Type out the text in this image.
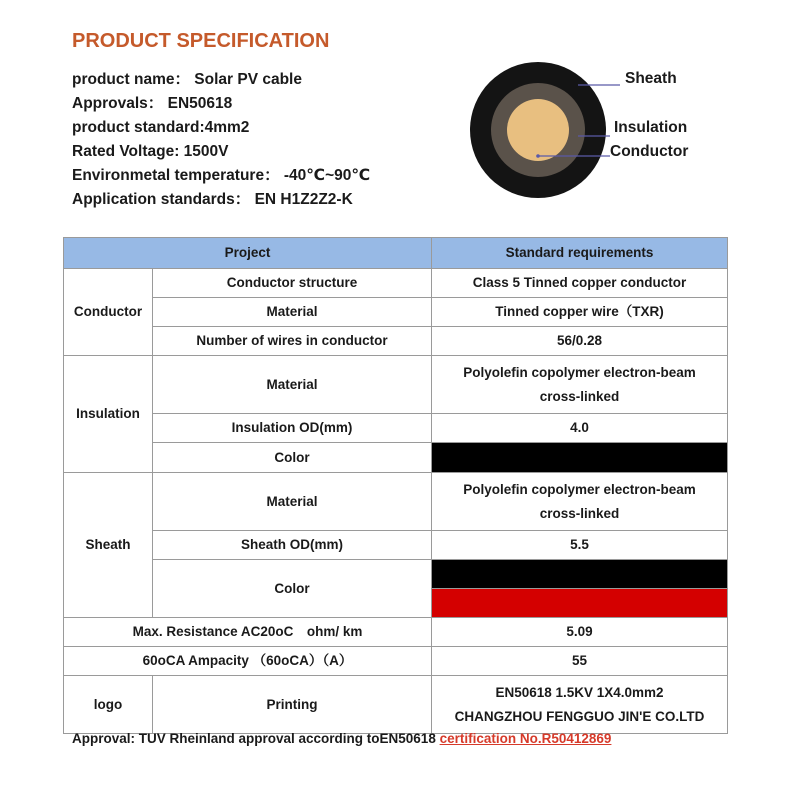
PRODUCT SPECIFICATION
product name： Solar PV cable
Approvals： EN50618
product standard:4mm2
Rated Voltage: 1500V
Environmetal temperature： -40℃~90℃
Application standards： EN H1Z2Z2-K
Sheath
Insulation
Conductor
Project		Standard requirements
Conductor	Conductor structure	Class 5 Tinned copper conductor
	Material	Tinned copper wire（TXR)
	Number of wires in conductor	56/0.28
Insulation	Material	Polyolefin copolymer electron-beam
cross-linked

	Insulation OD(mm)	4.0
	Color	
Sheath	Material	Polyolefin copolymer electron-beam
cross-linked

	Sheath OD(mm)	5.5
	Color	

Max. Resistance AC20oC　ohm/ km		5.09
60oCA Ampacity （60oCA）（A）		55
logo	Printing	EN50618 1.5KV 1X4.0mm2
CHANGZHOU FENGGUO JIN'E CO.LTD
Approval: TUV Rheinland approval according toEN50618 certification No.R50412869
